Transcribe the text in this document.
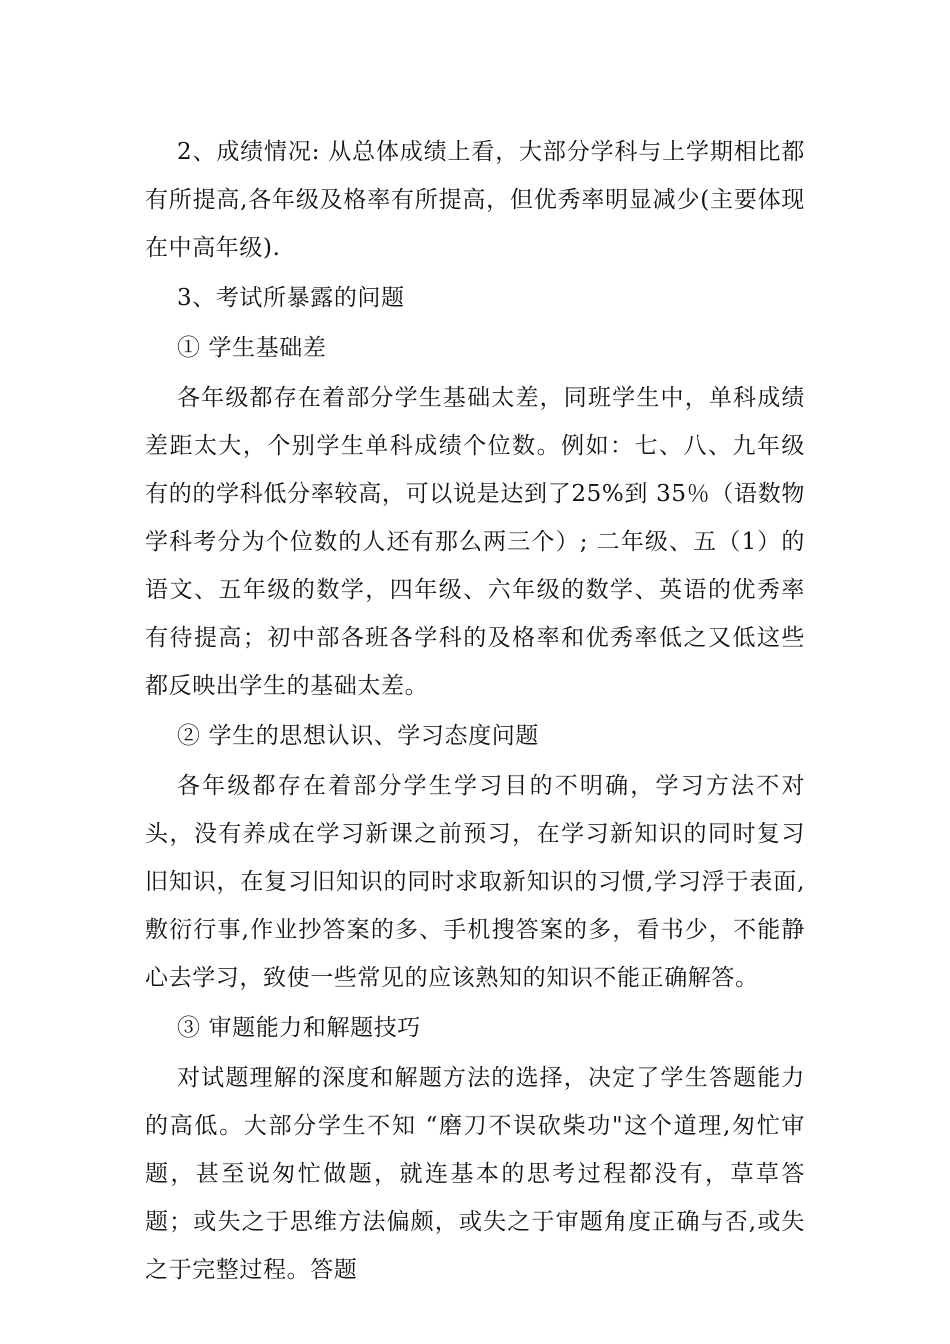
2、成绩情况: 从总体成绩上看，大部分学科与上学期相比都有所提高,各年级及格率有所提高，但优秀率明显减少(主要体现在中高年级).

3、考试所暴露的问题

① 学生基础差

各年级都存在着部分学生基础太差，同班学生中，单科成绩差距太大，个别学生单科成绩个位数。例如：七、八、九年级有的的学科低分率较高，可以说是达到了25%到 35％（语数物学科考分为个位数的人还有那么两三个）; 二年级、五（1）的语文、五年级的数学，四年级、六年级的数学、英语的优秀率有待提高；初中部各班各学科的及格率和优秀率低之又低这些都反映出学生的基础太差。

② 学生的思想认识、学习态度问题

各年级都存在着部分学生学习目的不明确，学习方法不对头，没有养成在学习新课之前预习，在学习新知识的同时复习旧知识，在复习旧知识的同时求取新知识的习惯,学习浮于表面,敷衍行事,作业抄答案的多、手机搜答案的多，看书少，不能静心去学习，致使一些常见的应该熟知的知识不能正确解答。

③ 审题能力和解题技巧

对试题理解的深度和解题方法的选择，决定了学生答题能力的高低。大部分学生不知 “磨刀不误砍柴功"这个道理,匆忙审题，甚至说匆忙做题，就连基本的思考过程都没有，草草答题；或失之于思维方法偏颇，或失之于审题角度正确与否,或失之于完整过程。答题
